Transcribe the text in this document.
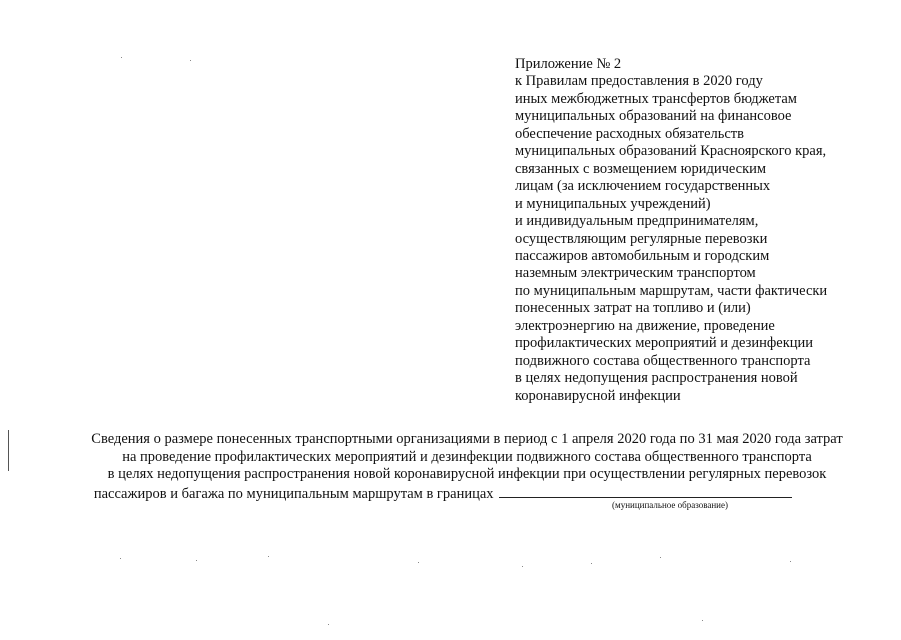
Приложение № 2
к Правилам предоставления в 2020 году
иных межбюджетных трансфертов бюджетам
муниципальных образований на финансовое
обеспечение расходных обязательств
муниципальных образований Красноярского края,
связанных с возмещением юридическим
лицам (за исключением государственных
и муниципальных учреждений)
и индивидуальным предпринимателям,
осуществляющим регулярные перевозки
пассажиров автомобильным и городским
наземным электрическим транспортом
по муниципальным маршрутам, части фактически
понесенных затрат на топливо и (или)
электроэнергию на движение, проведение
профилактических мероприятий и дезинфекции
подвижного состава общественного транспорта
в целях недопущения распространения новой
коронавирусной инфекции
Сведения о размере понесенных транспортными организациями в период с 1 апреля 2020 года по 31 мая 2020 года затрат
на проведение профилактических мероприятий и дезинфекции подвижного состава общественного транспорта
в целях недопущения распространения новой коронавирусной инфекции при осуществлении регулярных перевозок
пассажиров и багажа по муниципальным маршрутам в границах
(муниципальное образование)
